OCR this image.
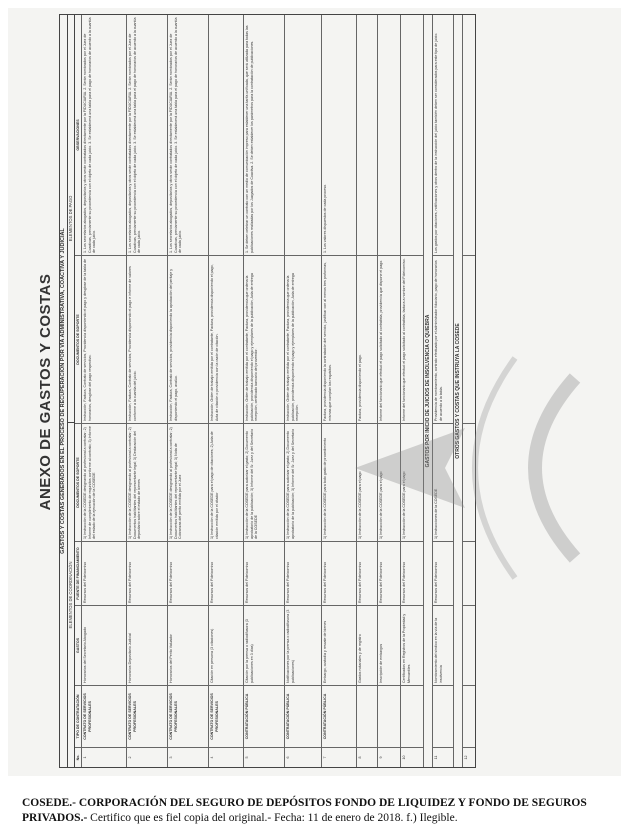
ANEXO DE GASTOS Y COSTAS	GASTOS Y COSTAS GENERADOS EN EL PROCESO DE RECUPERACIÓN POR VÍA ADMINISTRATIVA, COACTIVA Y JUDICIAL
ELEMENTOS DE COORDINACIÓN
ELEMENTOS DE PAGO
No.
TIPO DE CONTRATACIÓN
GASTOS
FUENTE DE FINANCIAMIENTO
DOCUMENTOS DE SOPORTE
DOCUMENTOS DE SOPORTE
OBSERVACIONES
1
CONTRATO DE SERVICIOS PROFESIONALES
Honorarios del Secretario Abogado
Recursos del Fideicomiso
1) Instrucción de la COSEDE designando al profesional a contratar; 2) Informe de cumplimiento de requisitos conforme al contrato; 3) Informe del estado de la ejecución de la COSEDE
Instrucción, Factura, Contrato de servicios, Providencia disponiendo el pago y desglose de la tabla de honorarios, desglose del pago respectivo.
1. Los secretarios abogados, depositarios y otros serán contratados directamente por la FIDUCIARIA. 2. Serán nombrados por el Juez de Coactivas, previamente su procedencia con el objeto de cada juicio. 3. Se establecerá una tabla para el pago de honorarios de acuerdo a la cuantía de cada juicio.
2
CONTRATO DE SERVICIOS PROFESIONALES
Honorarios Depositario Judicial
Recursos del Fideicomiso
1) Instrucción de la COSEDE designando al profesional a contratar; 2) Documentos habilitantes del representante legal; 3) Declaración del depositario sobre el estado de bienes
Instrucción, Factura, Contrato de servicios, Providencia disponiendo el pago e informe de valores conforme a la cuantía del juicio.
1. Los secretarios abogados, depositarios y otros serán contratados directamente por la FIDUCIARIA. 2. Serán nombrados por el Juez de Coactivas, previamente su procedencia con el objeto de cada juicio. 3. Se establecerá una tabla para el pago de honorarios de acuerdo a la cuantía de cada juicio.
3
CONTRATO DE SERVICIOS PROFESIONALES
Honorarios del Perito Valuador
Recursos del Fideicomiso
1) Instrucción de la COSEDE designando al profesional a contratar; 2) Documentos habilitantes del representante legal; 3) Nota de Cobranzas del perito emitida por el Juez
Instrucción, Factura, Contrato de servicios, providencia disponiendo la aprobación del peritaje y disponiendo el pago, avalúo.
1. Los secretarios abogados, depositarios y otros serán contratados directamente por la FIDUCIARIA. 2. Serán nombrados por el Juez de Coactivas, previamente su procedencia con el objeto de cada juicio. 3. Se establecerá una tabla para el pago de honorarios de acuerdo a la cuantía de cada juicio.
4
CONTRATO DE SERVICIOS PROFESIONALES
Citación en persona (3 citaciones)
Recursos del Fideicomiso
1) Instrucción de la COSEDE para el pago de citaciones; 2) Acta de citación emitida por el citador
Instrucción, Orden de trabajo emitida por el contratante, Factura, providencia disponiendo el pago, Acta de citación o providencia con la razón de citación.
5
CONTRATACIÓN PÚBLICA
Citación por la prensa o radiodifusora (3 publicaciones en 3 días)
Recursos del Fideicomiso
1) Instrucción de la COSEDE para autorizar el gasto; 2) Documento aprobatorio de la publicación; 3) Informe del Sr. Juez y del Secretario de la COSEDE
Instrucción, Orden de trabajo emitida por el contratante, Factura, providencia que ordena la publicación, providencia disponiendo el pago y ejemplares de la publicación, Acta de entrega recepción, certificado bancario del proveedor.
1. Se deben celebrar un contrato con un medio de comunicación impreso para establecer una tarifa unificada, que será utilizada para todas las publicaciones realizadas por los Juzgados de Coactiva. 2. Se deben establecer los parámetros para la contratación de publicaciones.
6
CONTRATACIÓN PÚBLICA
Notificaciones por la prensa o radiodifusora (3 publicaciones)
Recursos del Fideicomiso
1) Instrucción de la COSEDE para autorizar el gasto; 2) Documento aprobatorio de la publicación; 3) Informe del Sr. Juez y del Secretario
Instrucción, Orden de trabajo emitida por el contratante, Factura, providencia que ordena la publicación, providencia disponiendo el pago y ejemplares de la publicación, Acta de entrega recepción.
7
CONTRATACIÓN PÚBLICA
Embargo, custodia y rescate de bienes
Recursos del Fideicomiso
1) Instrucción de la COSEDE para todo gasto de procedimiento
Factura, providencia disponiendo la contratación del servicio, justificar con al menos tres proformas, mismas que cumplan los requisitos.
1. Los valores dispuestos de cada proceso.
8
Gastos notariales y de registro
Recursos del Fideicomiso
1) Instrucción de la COSEDE para el pago
Factura, providencia disponiendo el pago.
9
Inscripción de embargos
Recursos del Fideicomiso
1) Instrucción de la COSEDE para el pago
Informe del funcionario que efectuó el pago solicitado al contratista, providencia que dispone el pago.
10
Certificados en Registros de la Propiedad y Mercantiles
Recursos del Fideicomiso
1) Instrucción de la COSEDE para el pago
Informe del funcionario que efectuó el pago solicitado al contratista, factura a nombre del Fideicomiso.	GASTOS POR INICIO DE JUICIOS DE INSOLVENCIA O QUIEBRA
11
Nombramiento del síndico en la vía de la insolvencia
Recursos del Fideicomiso
1) Instrucciones de la COSEDE
Providencia de nombramiento, contrato efectuado por el administrador fiduciario, pago de honorarios de acuerdo a la tabla.
Los gastos por citaciones, notificaciones y otros dentro de la instrucción del juicio también deben ser considerados para este tipo de juicio.
OTROS GASTOS Y COSTAS QUE INSTRUYA LA COSEDE
12
COSEDE.- CORPORACIÓN DEL SEGURO DE DEPÓSITOS FONDO DE LIQUIDEZ Y FONDO DE SEGUROS PRIVADOS.- Certifico que es fiel copia del original.- Fecha: 11 de enero de 2018. f.) Ilegible.
